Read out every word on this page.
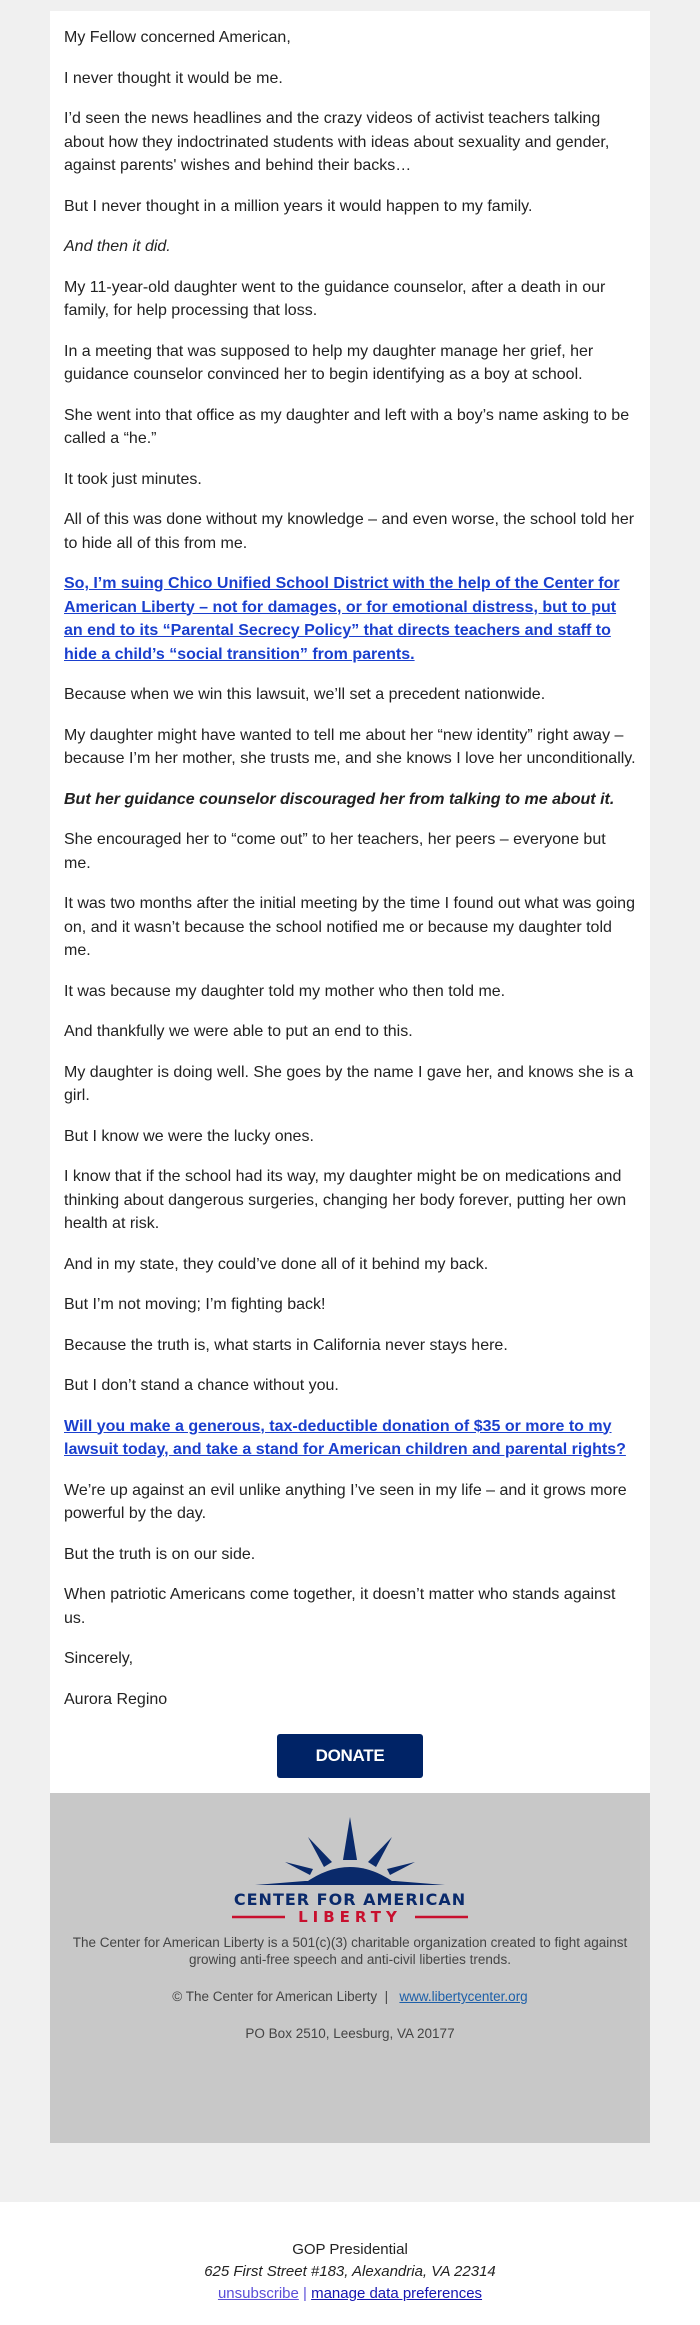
My Fellow concerned American,

I never thought it would be me.

I’d seen the news headlines and the crazy videos of activist teachers talking about how they indoctrinated students with ideas about sexuality and gender, against parents' wishes and behind their backs…

But I never thought in a million years it would happen to my family.

And then it did.

My 11-year-old daughter went to the guidance counselor, after a death in our family, for help processing that loss.

In a meeting that was supposed to help my daughter manage her grief, her guidance counselor convinced her to begin identifying as a boy at school.

She went into that office as my daughter and left with a boy’s name asking to be called a “he.”

It took just minutes.

All of this was done without my knowledge – and even worse, the school told her to hide all of this from me.

So, I’m suing Chico Unified School District with the help of the Center for American Liberty – not for damages, or for emotional distress, but to put an end to its “Parental Secrecy Policy” that directs teachers and staff to hide a child’s “social transition” from parents.

Because when we win this lawsuit, we’ll set a precedent nationwide.

My daughter might have wanted to tell me about her “new identity” right away – because I’m her mother, she trusts me, and she knows I love her unconditionally.

But her guidance counselor discouraged her from talking to me about it.

She encouraged her to “come out” to her teachers, her peers – everyone but me.

It was two months after the initial meeting by the time I found out what was going on, and it wasn’t because the school notified me or because my daughter told me.

It was because my daughter told my mother who then told me.

And thankfully we were able to put an end to this.

My daughter is doing well. She goes by the name I gave her, and knows she is a girl.

But I know we were the lucky ones.

I know that if the school had its way, my daughter might be on medications and thinking about dangerous surgeries, changing her body forever, putting her own health at risk.

And in my state, they could’ve done all of it behind my back.

But I’m not moving; I’m fighting back!

Because the truth is, what starts in California never stays here.

But I don’t stand a chance without you.

Will you make a generous, tax-deductible donation of $35 or more to my lawsuit today, and take a stand for American children and parental rights?

We’re up against an evil unlike anything I’ve seen in my life – and it grows more powerful by the day.

But the truth is on our side.

When patriotic Americans come together, it doesn’t matter who stands against us.

Sincerely,

Aurora Regino

DONATE
CENTER FOR AMERICAN
LIBERTY

The Center for American Liberty is a 501(c)(3) charitable organization created to fight against growing anti-free speech and anti-civil liberties trends.

© The Center for American Liberty | www.libertycenter.org

PO Box 2510, Leesburg, VA 20177

GOP Presidential
625 First Street #183, Alexandria, VA 22314
unsubscribe | manage data preferences
